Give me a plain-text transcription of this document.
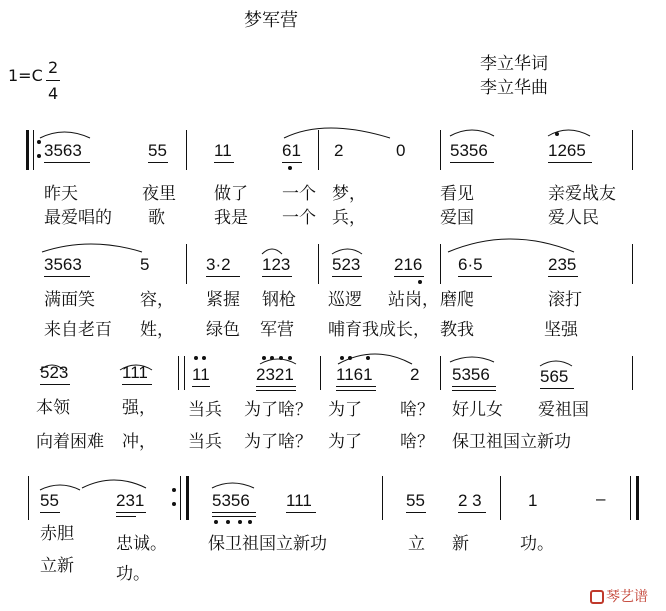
梦军营
1=C 2
4
李立华词
李立华曲
3563	55	11	61 2	0	5356	1265
昨天	夜里 做了 一个 梦，	看见	亲爱战友
最爱唱的 歌	我是 一个 兵，	爱国	爱人民
3563	5	3·2 123 523 216 6·5	235
满面笑	容， 紧握 钢枪 巡逻 站岗， 磨爬	滚打
来自老百 姓， 绿色 军营 哺育我成长， 教我	坚强
523	111	11	2321 1161 2 5356	565
本领	强， 当兵 为了啥？ 为了 啥？ 好儿女 爱祖国
向着困难 冲， 当兵 为了啥？ 为了 啥？ 保卫祖国立新功
55	231	5356 111	55 2 3	1	–
赤胆 忠诚。 保卫祖国立新功	立 新	功。
立新 功。
琴艺谱
